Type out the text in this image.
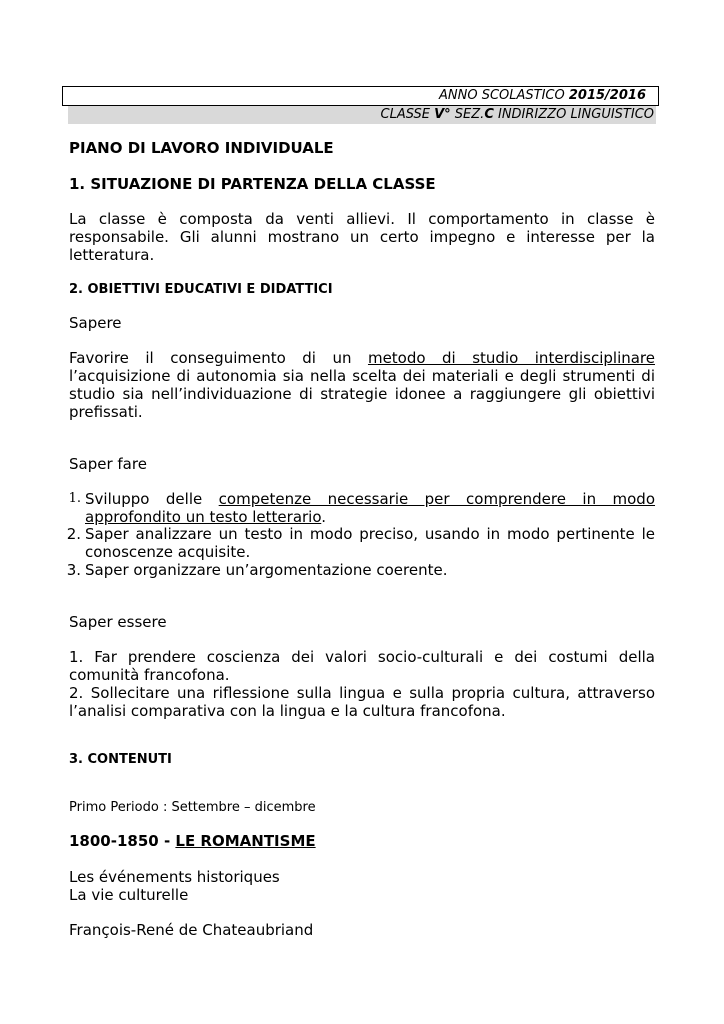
ANNO SCOLASTICO 2015/2016
CLASSE V° SEZ.C INDIRIZZO LINGUISTICO
PIANO DI LAVORO INDIVIDUALE
1. SITUAZIONE DI PARTENZA DELLA CLASSE
La classe è composta da venti allievi. Il comportamento in classe è responsabile. Gli alunni mostrano un certo impegno e interesse per la letteratura.
2. OBIETTIVI EDUCATIVI E DIDATTICI
Sapere
Favorire il conseguimento di un metodo di studio interdisciplinare l’acquisizione di autonomia sia nella scelta dei materiali e degli strumenti di studio sia nell’individuazione di strategie idonee a raggiungere gli obiettivi prefissati.
Saper fare
1. Sviluppo delle competenze necessarie per comprendere in modo approfondito un testo letterario.
2. Saper analizzare un testo in modo preciso, usando in modo pertinente le conoscenze acquisite.
3. Saper organizzare un’argomentazione coerente.
Saper essere
1. Far prendere coscienza dei valori socio-culturali e dei costumi della comunità francofona.
2. Sollecitare una riflessione sulla lingua e sulla propria cultura, attraverso l’analisi comparativa con la lingua e la cultura francofona.
3. CONTENUTI
Primo Periodo : Settembre – dicembre
1800-1850 - LE ROMANTISME
Les événements historiques
La vie culturelle
François-René de Chateaubriand
